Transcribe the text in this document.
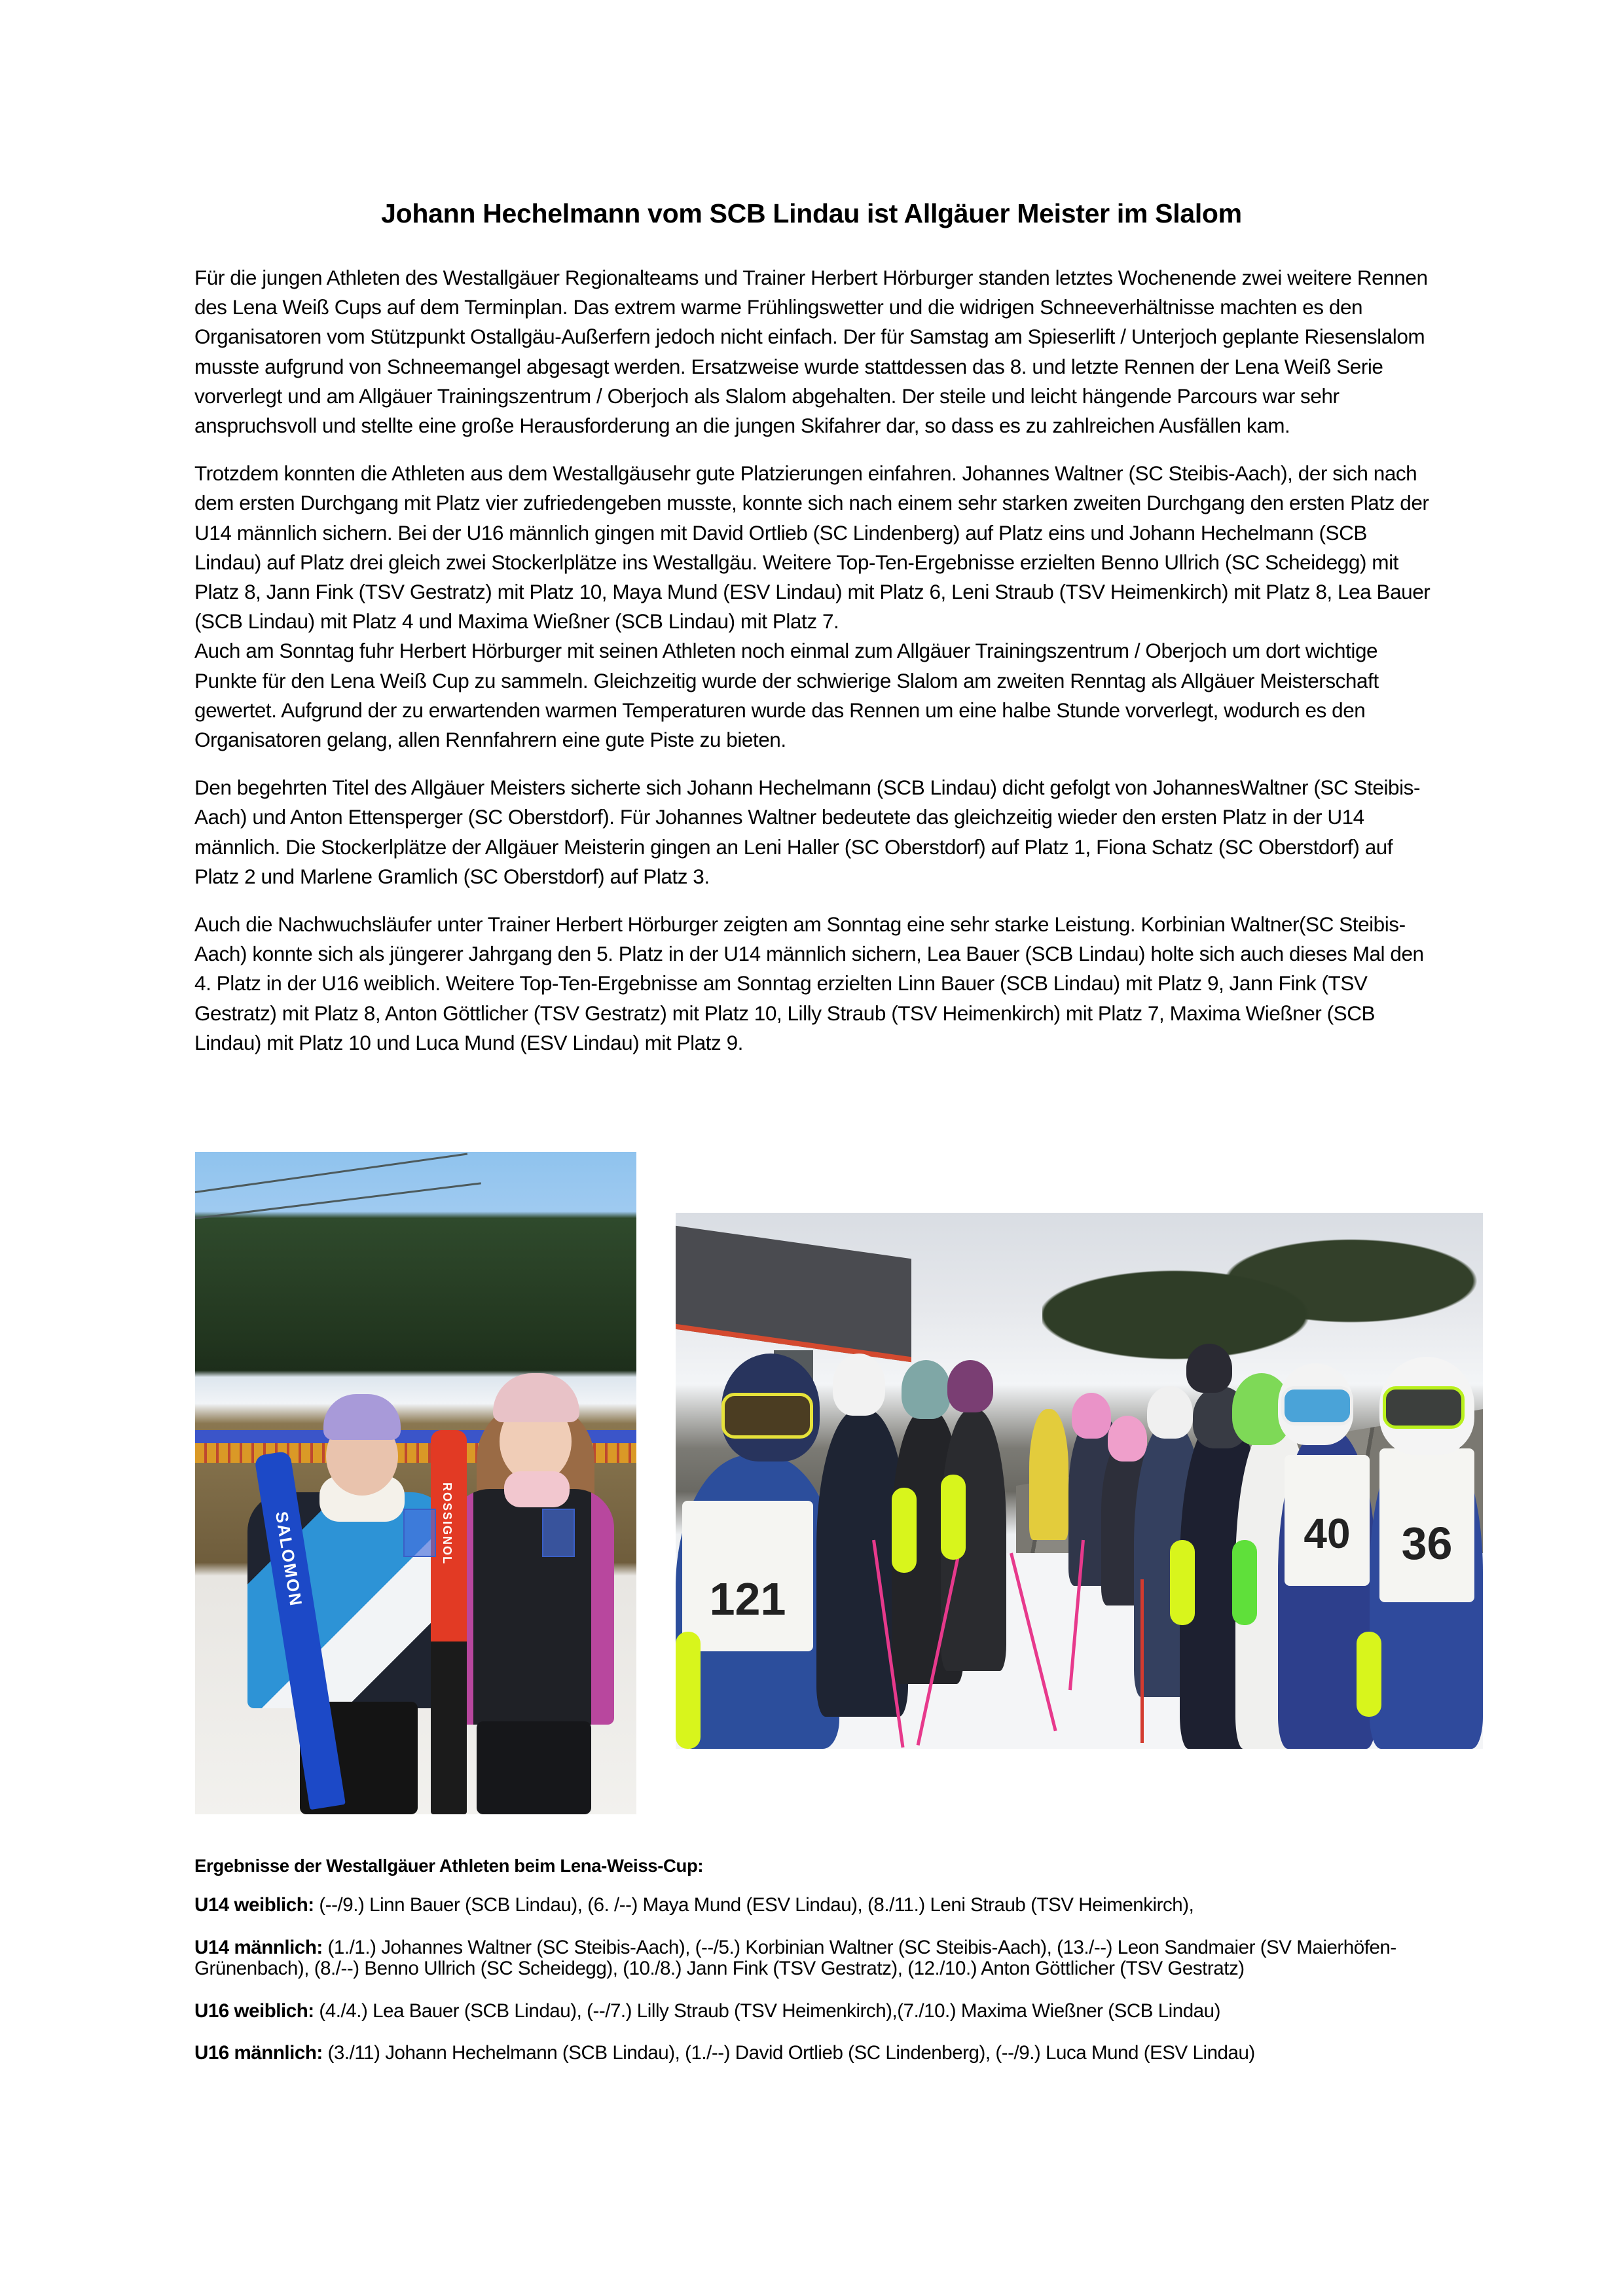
Johann Hechelmann vom SCB Lindau ist Allgäuer Meister im Slalom

Für die jungen Athleten des Westallgäuer Regionalteams und Trainer Herbert Hörburger standen letztes Wochenende zwei weitere Rennen des Lena Weiß Cups auf dem Terminplan. Das extrem warme Frühlingswetter und die widrigen Schneeverhältnisse machten es den Organisatoren vom Stützpunkt Ostallgäu-Außerfern jedoch nicht einfach. Der für Samstag am Spieserlift / Unterjoch geplante Riesenslalom musste aufgrund von Schneemangel abgesagt werden. Ersatzweise wurde stattdessen das 8. und letzte Rennen der Lena Weiß Serie vorverlegt und am Allgäuer Trainingszentrum / Oberjoch als Slalom abgehalten. Der steile und leicht hängende Parcours war sehr anspruchsvoll und stellte eine große Herausforderung an die jungen Skifahrer dar, so dass es zu zahlreichen Ausfällen kam.

Trotzdem konnten die Athleten aus dem Westallgäusehr gute Platzierungen einfahren. Johannes Waltner (SC Steibis-Aach), der sich nach dem ersten Durchgang mit Platz vier zufriedengeben musste, konnte sich nach einem sehr starken zweiten Durchgang den ersten Platz der U14 männlich sichern. Bei der U16 männlich gingen mit David Ortlieb (SC Lindenberg) auf Platz eins und Johann Hechelmann (SCB Lindau) auf Platz drei gleich zwei Stockerlplätze ins Westallgäu. Weitere Top-Ten-Ergebnisse erzielten Benno Ullrich (SC Scheidegg) mit Platz 8, Jann Fink (TSV Gestratz) mit Platz 10, Maya Mund (ESV Lindau) mit Platz 6, Leni Straub (TSV Heimenkirch) mit Platz 8, Lea Bauer (SCB Lindau) mit Platz 4 und Maxima Wießner (SCB Lindau) mit Platz 7.

Auch am Sonntag fuhr Herbert Hörburger mit seinen Athleten noch einmal zum Allgäuer Trainingszentrum / Oberjoch um dort wichtige Punkte für den Lena Weiß Cup zu sammeln. Gleichzeitig wurde der schwierige Slalom am zweiten Renntag als Allgäuer Meisterschaft gewertet. Aufgrund der zu erwartenden warmen Temperaturen wurde das Rennen um eine halbe Stunde vorverlegt, wodurch es den Organisatoren gelang, allen Rennfahrern eine gute Piste zu bieten.

Den begehrten Titel des Allgäuer Meisters sicherte sich Johann Hechelmann (SCB Lindau) dicht gefolgt von JohannesWaltner (SC Steibis-Aach) und Anton Ettensperger (SC Oberstdorf). Für Johannes Waltner bedeutete das gleichzeitig wieder den ersten Platz in der U14 männlich. Die Stockerlplätze der Allgäuer Meisterin gingen an Leni Haller (SC Oberstdorf) auf Platz 1, Fiona Schatz (SC Oberstdorf) auf Platz 2 und Marlene Gramlich (SC Oberstdorf) auf Platz 3.

Auch die Nachwuchsläufer unter Trainer Herbert Hörburger zeigten am Sonntag eine sehr starke Leistung. Korbinian Waltner(SC Steibis-Aach) konnte sich als jüngerer Jahrgang den 5. Platz in der U14 männlich sichern, Lea Bauer (SCB Lindau) holte sich auch dieses Mal den 4. Platz in der U16 weiblich. Weitere Top-Ten-Ergebnisse am Sonntag erzielten Linn Bauer (SCB Lindau) mit Platz 9, Jann Fink (TSV Gestratz) mit Platz 8, Anton Göttlicher (TSV Gestratz) mit Platz 10, Lilly Straub (TSV Heimenkirch) mit Platz 7, Maxima Wießner (SCB Lindau) mit Platz 10 und Luca Mund (ESV Lindau) mit Platz 9.

SALOMON	ROSSIGNOL
121
40	36
Ergebnisse der Westallgäuer Athleten beim Lena-Weiss-Cup:

U14 weiblich: (--/9.) Linn Bauer (SCB Lindau), (6. /--) Maya Mund (ESV Lindau), (8./11.) Leni Straub (TSV Heimenkirch),

U14 männlich: (1./1.) Johannes Waltner (SC Steibis-Aach), (--/5.) Korbinian Waltner (SC Steibis-Aach), (13./--) Leon Sandmaier (SV Maierhöfen-Grünenbach), (8./--) Benno Ullrich (SC Scheidegg), (10./8.) Jann Fink (TSV Gestratz), (12./10.) Anton Göttlicher (TSV Gestratz)

U16 weiblich: (4./4.) Lea Bauer (SCB Lindau), (--/7.) Lilly Straub (TSV Heimenkirch),(7./10.) Maxima Wießner (SCB Lindau)

U16 männlich: (3./11) Johann Hechelmann (SCB Lindau), (1./--) David Ortlieb (SC Lindenberg), (--/9.) Luca Mund (ESV Lindau)
